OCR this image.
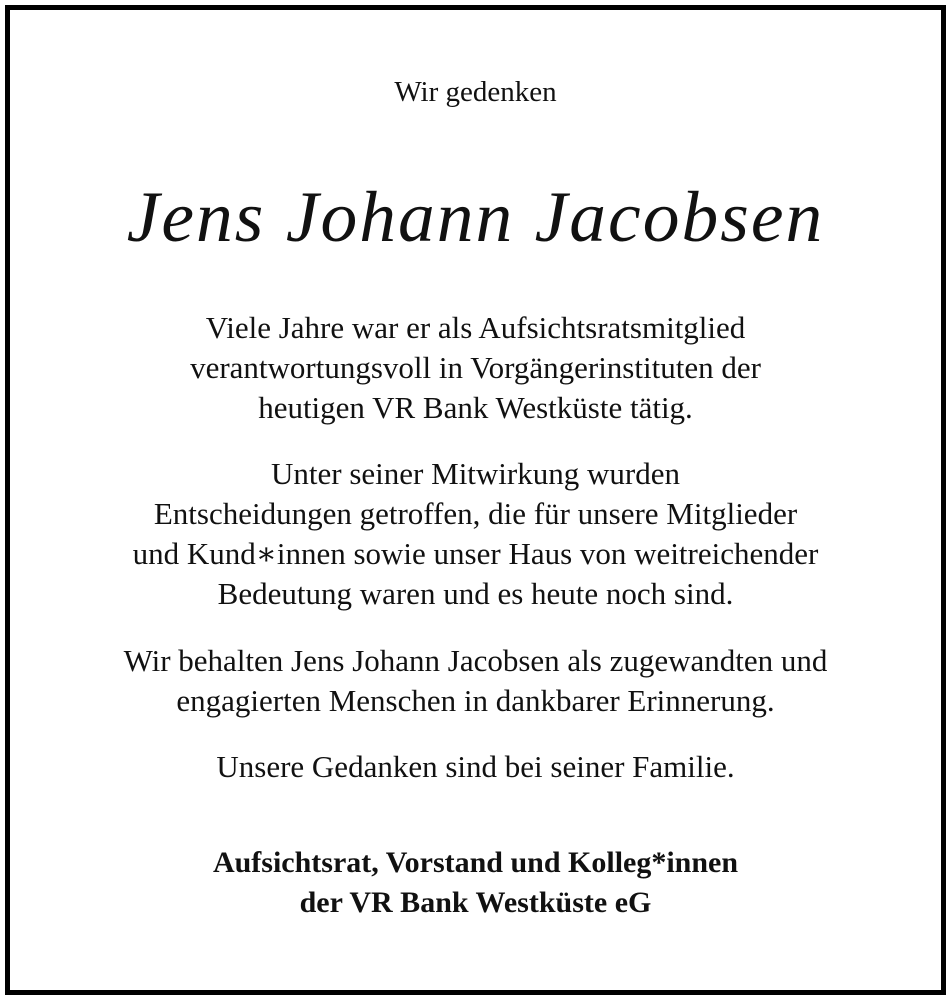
Wir gedenken
Jens Johann Jacobsen
Viele Jahre war er als Aufsichtsratsmitglied
verantwortungsvoll in Vorgängerinstituten der
heutigen VR Bank Westküste tätig.
Unter seiner Mitwirkung wurden
Entscheidungen getroffen, die für unsere Mitglieder
und Kund∗innen sowie unser Haus von weitreichender
Bedeutung waren und es heute noch sind.
Wir behalten Jens Johann Jacobsen als zugewandten und
engagierten Menschen in dankbarer Erinnerung.
Unsere Gedanken sind bei seiner Familie.
Aufsichtsrat, Vorstand und Kolleg*innen
der VR Bank Westküste eG
